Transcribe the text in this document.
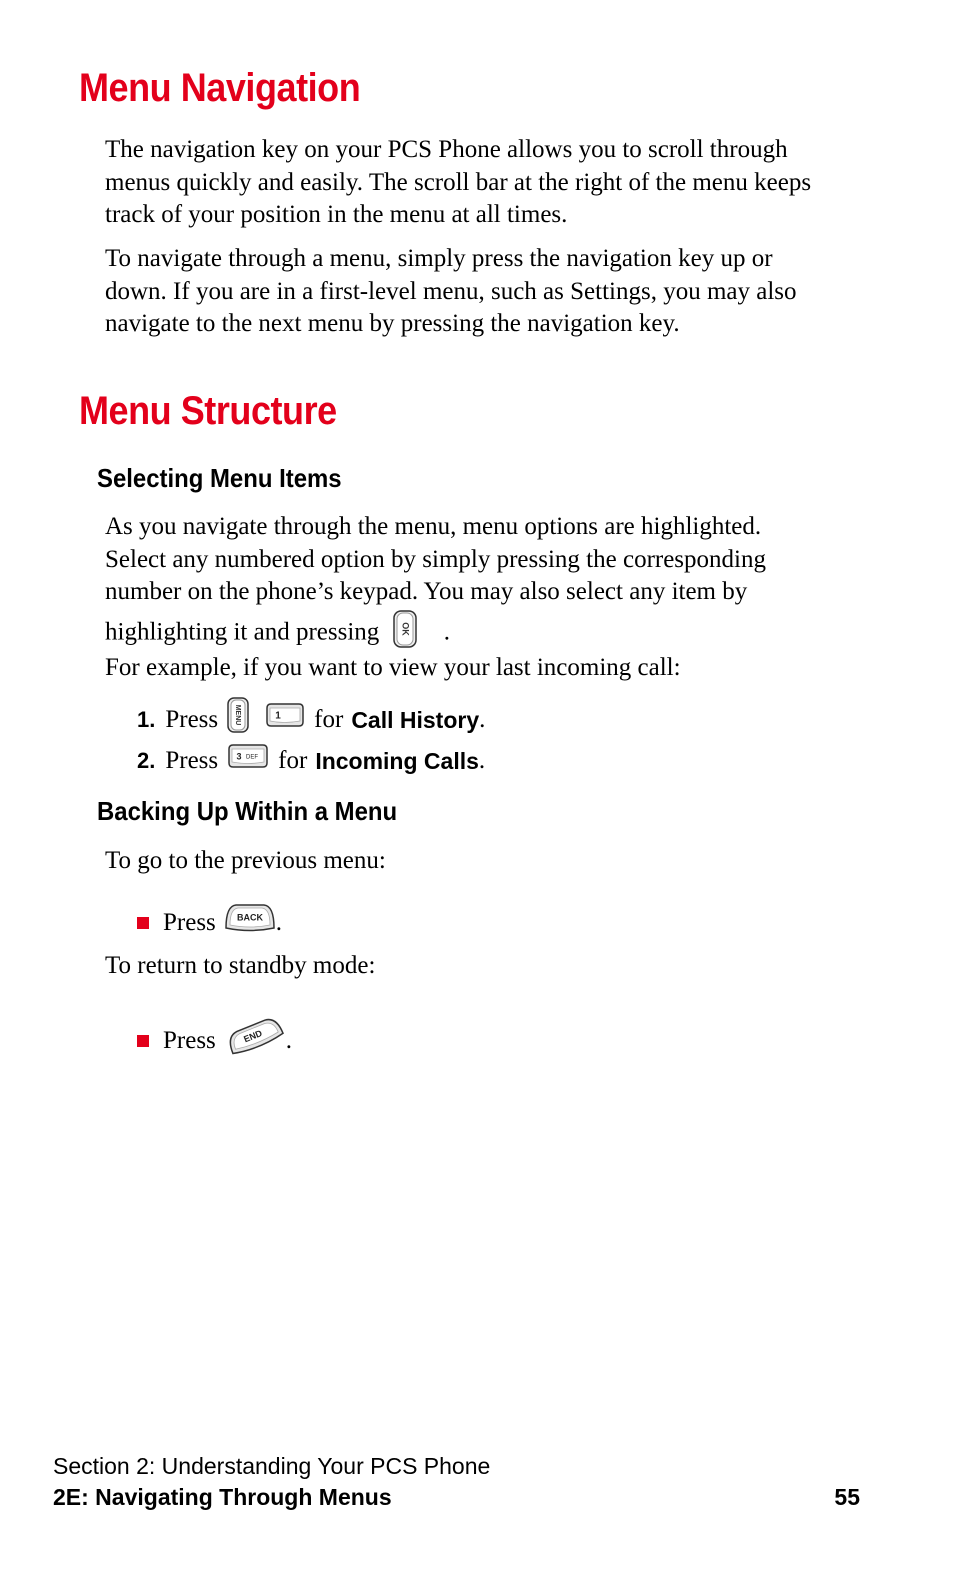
Menu Navigation

The navigation key on your PCS Phone allows you to scroll through menus quickly and easily. The scroll bar at the right of the menu keeps track of your position in the menu at all times.

To navigate through a menu, simply press the navigation key up or down. If you are in a first-level menu, such as Settings, you may also navigate to the next menu by pressing the navigation key.

Menu Structure
Selecting Menu Items

As you navigate through the menu, menu options are highlighted. Select any numbered option by simply pressing the corresponding number on the phone’s keypad. You may also select any item by highlighting it and pressing OK .

For example, if you want to view your last incoming call:

1. Press MENU	1 for Call History .
2. Press 3 DEF for Incoming Calls .
Backing Up Within a Menu

To go to the previous menu:

Press BACK .

To return to standby mode:

Press	END .
Section 2: Understanding Your PCS Phone
2E: Navigating Through Menus	55
